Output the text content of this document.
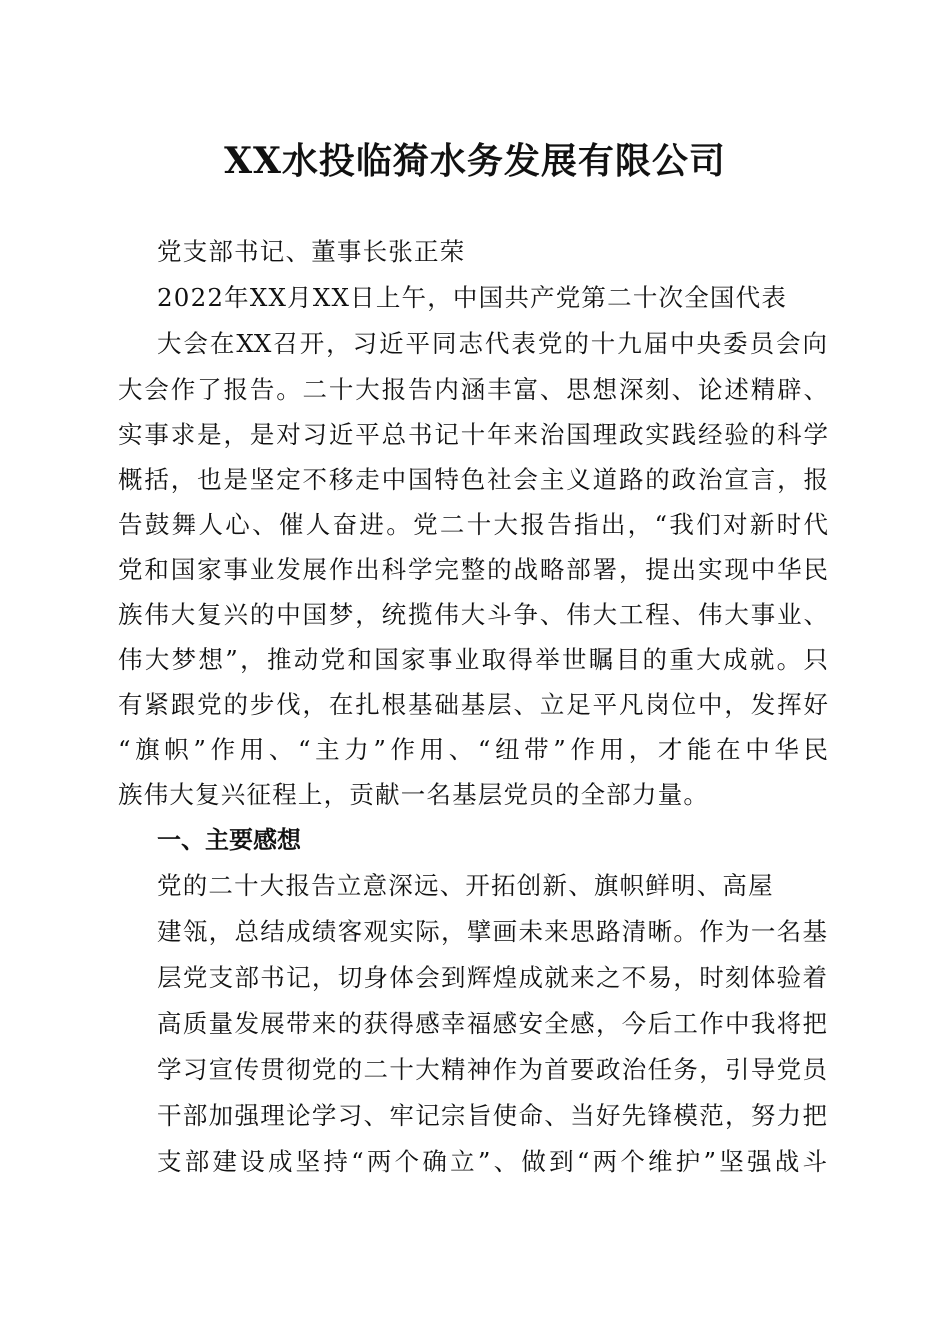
XX水投临猗水务发展有限公司
党支部书记、董事长张正荣
2022年XX月XX日上午，中国共产党第二十次全国代表
大会在XX召开，习近平同志代表党的十九届中央委员会向
大会作了报告。二十大报告内涵丰富、思想深刻、论述精辟、
实事求是，是对习近平总书记十年来治国理政实践经验的科学
概括，也是坚定不移走中国特色社会主义道路的政治宣言，报
告鼓舞人心、催人奋进。党二十大报告指出，“我们对新时代
党和国家事业发展作出科学完整的战略部署，提出实现中华民
族伟大复兴的中国梦，统揽伟大斗争、伟大工程、伟大事业、
伟大梦想”，推动党和国家事业取得举世瞩目的重大成就。只
有紧跟党的步伐，在扎根基础基层、立足平凡岗位中，发挥好
“旗帜”作用、“主力”作用、“纽带”作用，才能在中华民
族伟大复兴征程上，贡献一名基层党员的全部力量。
一、主要感想
党的二十大报告立意深远、开拓创新、旗帜鲜明、高屋
建瓴，总结成绩客观实际，擘画未来思路清晰。作为一名基
层党支部书记，切身体会到辉煌成就来之不易，时刻体验着
高质量发展带来的获得感幸福感安全感，今后工作中我将把
学习宣传贯彻党的二十大精神作为首要政治任务，引导党员
干部加强理论学习、牢记宗旨使命、当好先锋模范，努力把
支部建设成坚持“两个确立”、做到“两个维护”坚强战斗
